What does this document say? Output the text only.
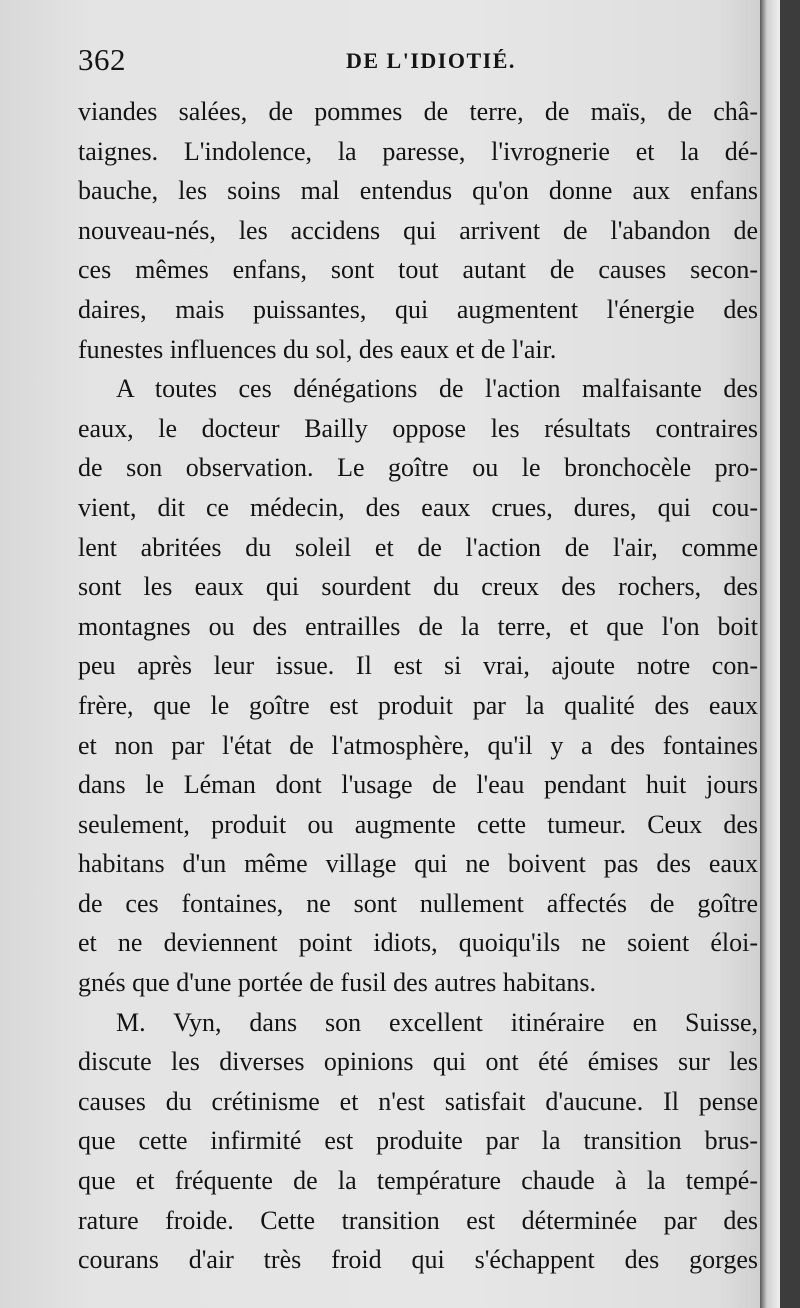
362	DE L'IDIOTIÉ.
viandes salées, de pommes de terre, de maïs, de châ-
taignes. L'indolence, la paresse, l'ivrognerie et la dé-
bauche, les soins mal entendus qu'on donne aux enfans
nouveau-nés, les accidens qui arrivent de l'abandon de
ces mêmes enfans, sont tout autant de causes secon-
daires, mais puissantes, qui augmentent l'énergie des
funestes influences du sol, des eaux et de l'air.
A toutes ces dénégations de l'action malfaisante des
eaux, le docteur Bailly oppose les résultats contraires
de son observation. Le goître ou le bronchocèle pro-
vient, dit ce médecin, des eaux crues, dures, qui cou-
lent abritées du soleil et de l'action de l'air, comme
sont les eaux qui sourdent du creux des rochers, des
montagnes ou des entrailles de la terre, et que l'on boit
peu après leur issue. Il est si vrai, ajoute notre con-
frère, que le goître est produit par la qualité des eaux
et non par l'état de l'atmosphère, qu'il y a des fontaines
dans le Léman dont l'usage de l'eau pendant huit jours
seulement, produit ou augmente cette tumeur. Ceux des
habitans d'un même village qui ne boivent pas des eaux
de ces fontaines, ne sont nullement affectés de goître
et ne deviennent point idiots, quoiqu'ils ne soient éloi-
gnés que d'une portée de fusil des autres habitans.
M. Vyn, dans son excellent itinéraire en Suisse,
discute les diverses opinions qui ont été émises sur les
causes du crétinisme et n'est satisfait d'aucune. Il pense
que cette infirmité est produite par la transition brus-
que et fréquente de la température chaude à la tempé-
rature froide. Cette transition est déterminée par des
courans d'air très froid qui s'échappent des gorges
